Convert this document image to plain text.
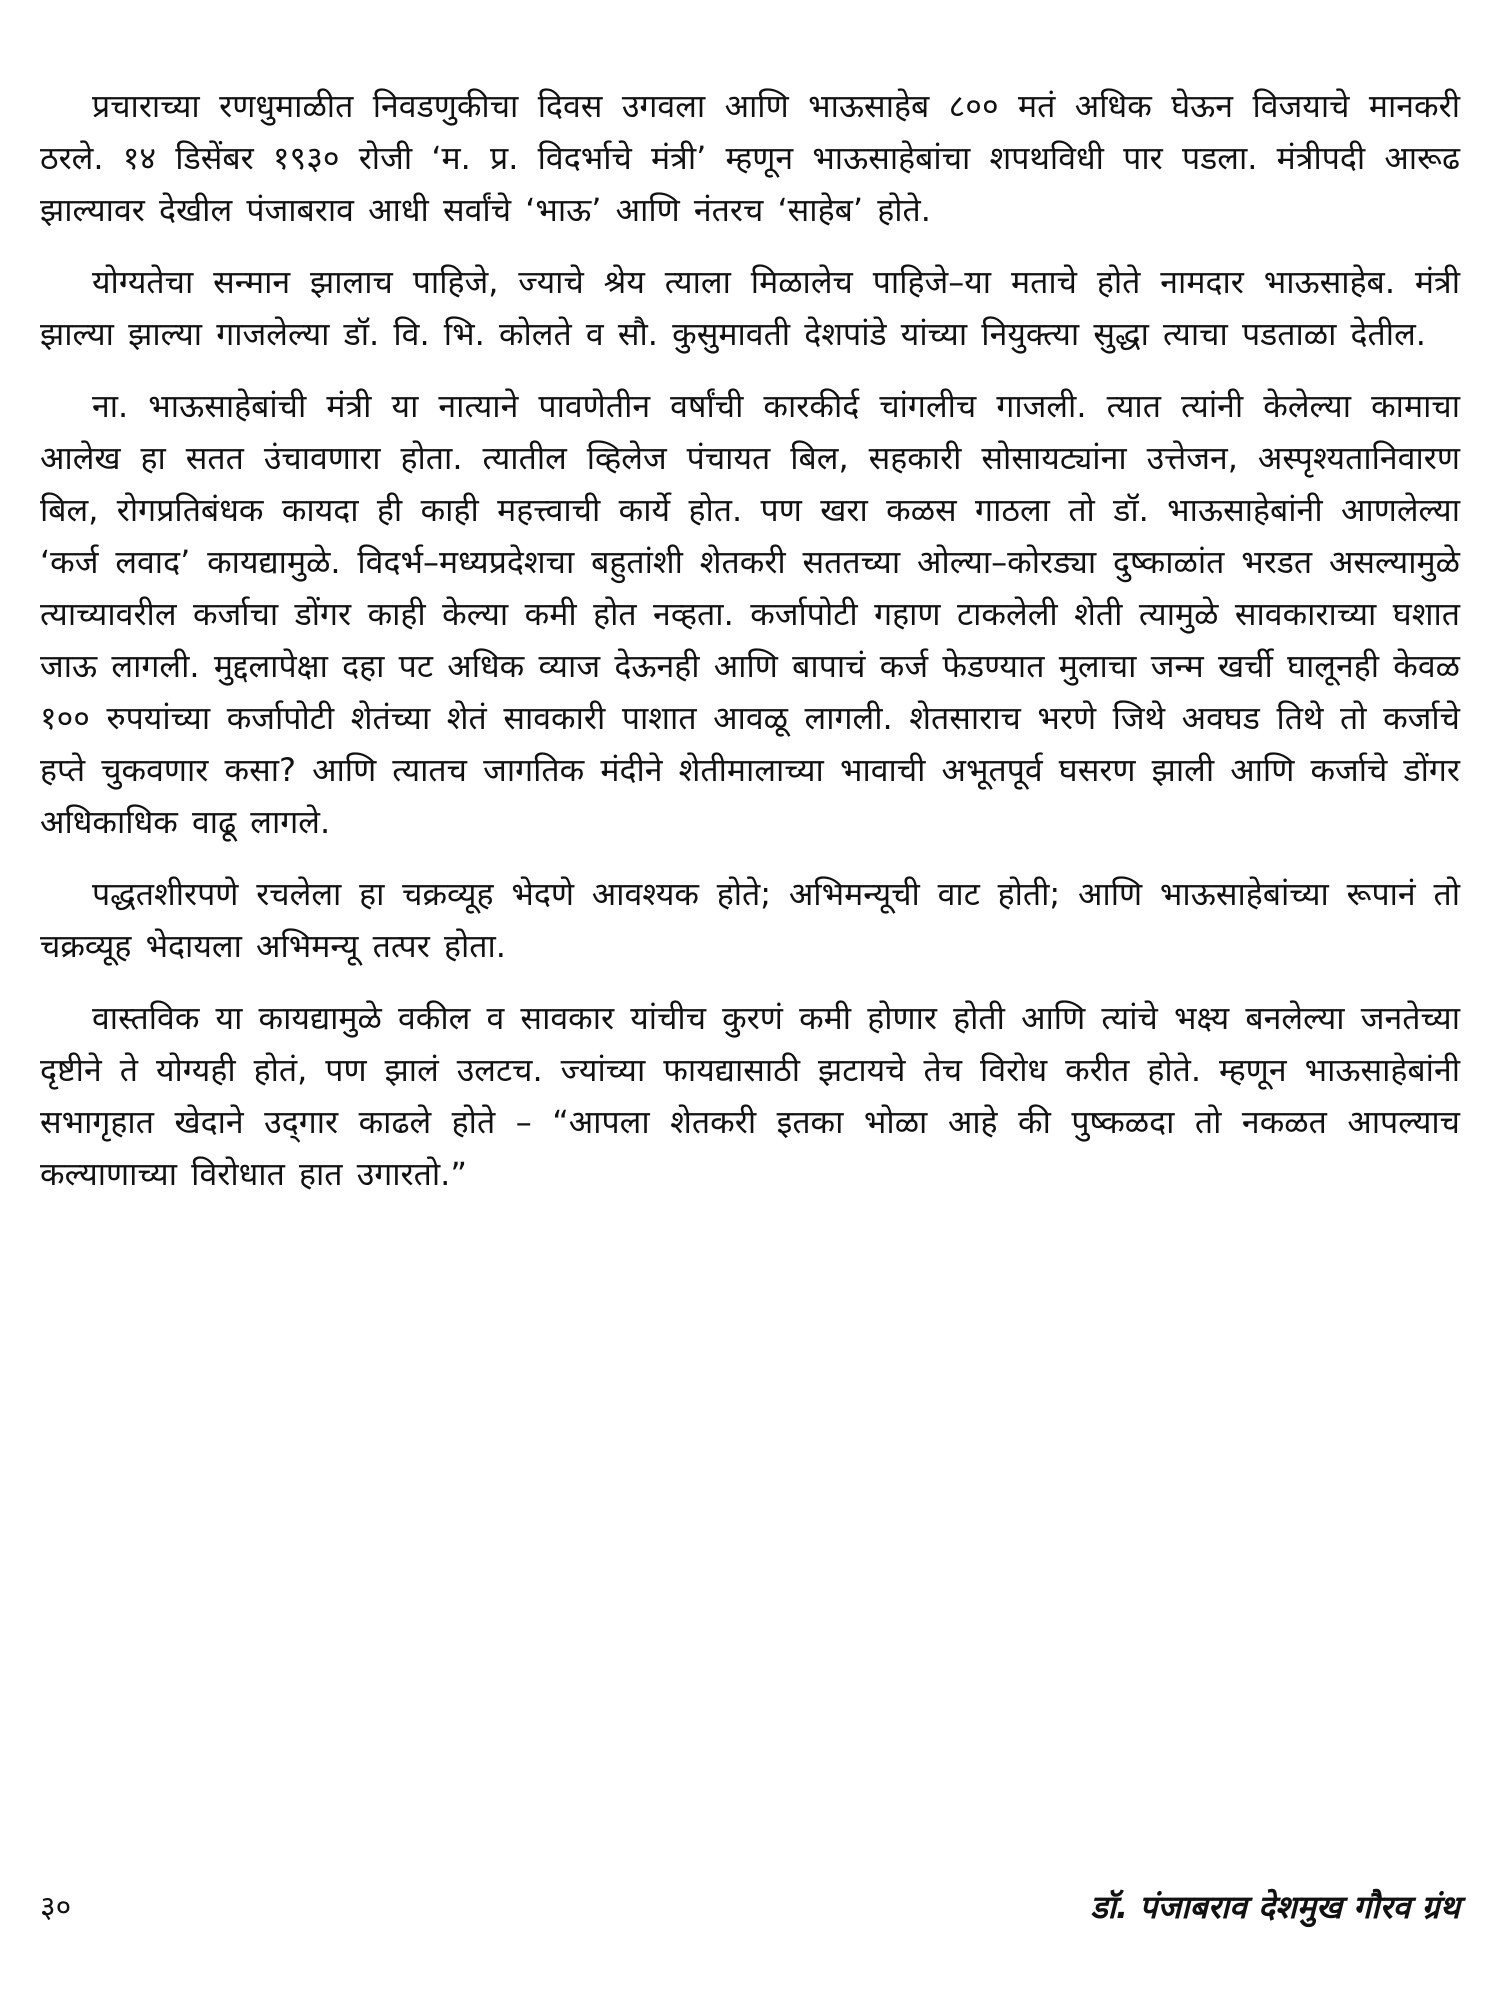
प्रचाराच्या रणधुमाळीत निवडणुकीचा दिवस उगवला आणि भाऊसाहेब ८०० मतं अधिक घेऊन विजयाचे मानकरी ठरले. १४ डिसेंबर १९३० रोजी ‘म. प्र. विदर्भाचे मंत्री’ म्हणून भाऊसाहेबांचा शपथविधी पार पडला. मंत्रीपदी आरूढ झाल्यावर देखील पंजाबराव आधी सर्वांचे ‘भाऊ’ आणि नंतरच ‘साहेब’ होते.

योग्यतेचा सन्मान झालाच पाहिजे, ज्याचे श्रेय त्याला मिळालेच पाहिजे–या मताचे होते नामदार भाऊसाहेब. मंत्री झाल्या झाल्या गाजलेल्या डॉ. वि. भि. कोलते व सौ. कुसुमावती देशपांडे यांच्या नियुक्त्या सुद्धा त्याचा पडताळा देतील.

ना. भाऊसाहेबांची मंत्री या नात्याने पावणेतीन वर्षांची कारकीर्द चांगलीच गाजली. त्यात त्यांनी केलेल्या कामाचा आलेख हा सतत उंचावणारा होता. त्यातील व्हिलेज पंचायत बिल, सहकारी सोसायट्यांना उत्तेजन, अस्पृश्यतानिवारण बिल, रोगप्रतिबंधक कायदा ही काही महत्त्वाची कार्ये होत. पण खरा कळस गाठला तो डॉ. भाऊसाहेबांनी आणलेल्या ‘कर्ज लवाद’ कायद्यामुळे. विदर्भ–मध्यप्रदेशचा बहुतांशी शेतकरी सततच्या ओल्या–कोरड्या दुष्काळांत भरडत असल्यामुळे त्याच्यावरील कर्जाचा डोंगर काही केल्या कमी होत नव्हता. कर्जापोटी गहाण टाकलेली शेती त्यामुळे सावकाराच्या घशात जाऊ लागली. मुद्दलापेक्षा दहा पट अधिक व्याज देऊनही आणि बापाचं कर्ज फेडण्यात मुलाचा जन्म खर्ची घालूनही केवळ १०० रुपयांच्या कर्जापोटी शेतंच्या शेतं सावकारी पाशात आवळू लागली. शेतसाराच भरणे जिथे अवघड तिथे तो कर्जाचे हप्ते चुकवणार कसा? आणि त्यातच जागतिक मंदीने शेतीमालाच्या भावाची अभूतपूर्व घसरण झाली आणि कर्जाचे डोंगर अधिकाधिक वाढू लागले.

पद्धतशीरपणे रचलेला हा चक्रव्यूह भेदणे आवश्यक होते; अभिमन्यूची वाट होती; आणि भाऊसाहेबांच्या रूपानं तो चक्रव्यूह भेदायला अभिमन्यू तत्पर होता.

वास्तविक या कायद्यामुळे वकील व सावकार यांचीच कुरणं कमी होणार होती आणि त्यांचे भक्ष्य बनलेल्या जनतेच्या दृष्टीने ते योग्यही होतं, पण झालं उलटच. ज्यांच्या फायद्यासाठी झटायचे तेच विरोध करीत होते. म्हणून भाऊसाहेबांनी सभागृहात खेदाने उद्‌गार काढले होते – “आपला शेतकरी इतका भोळा आहे की पुष्कळदा तो नकळत आपल्याच कल्याणाच्या विरोधात हात उगारतो.”

३०	डॉ. पंजाबराव देशमुख गौरव ग्रंथ
